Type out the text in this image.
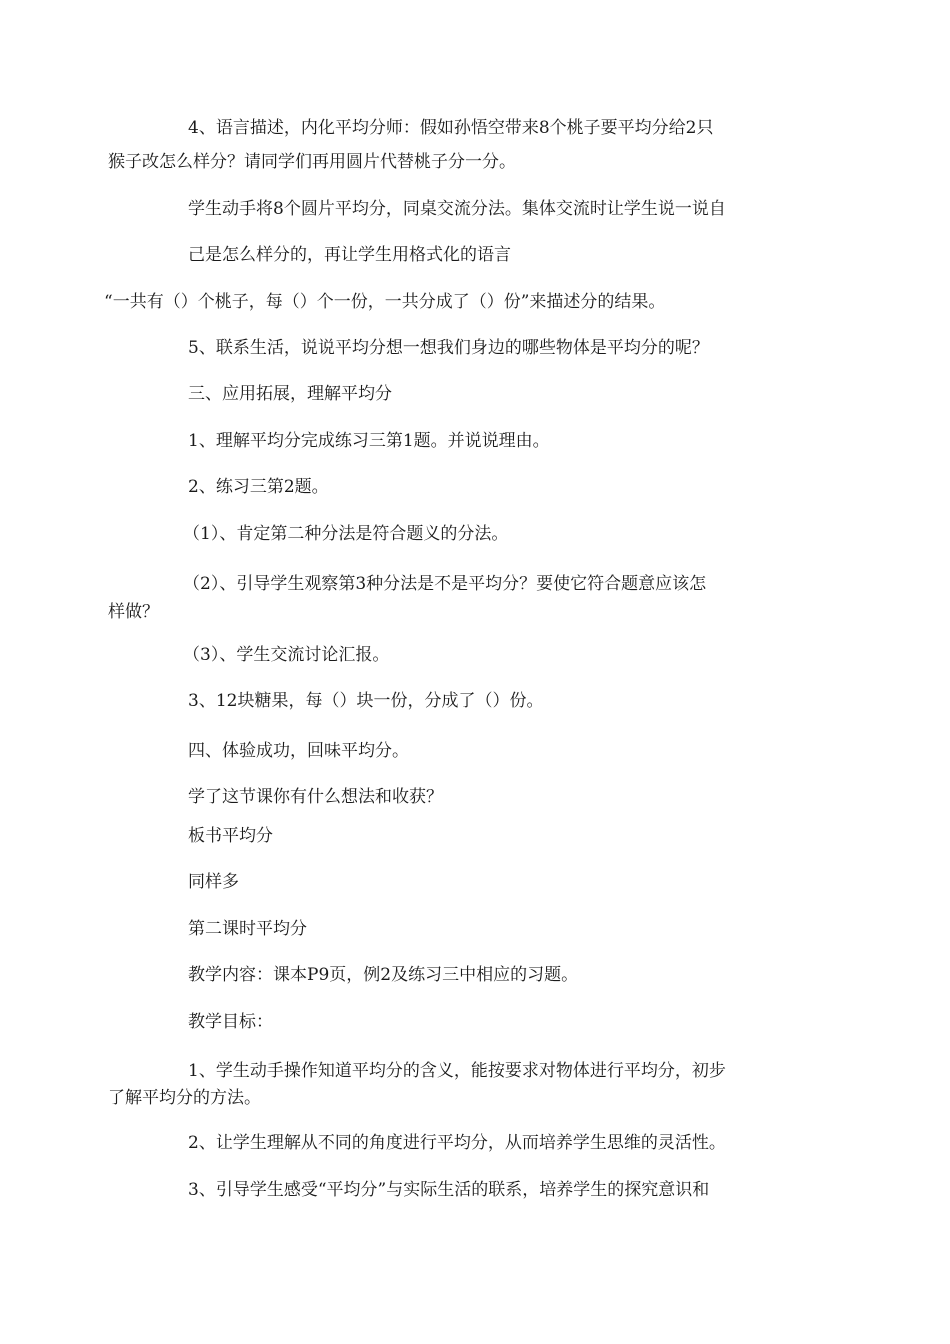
4、语言描述，内化平均分师：假如孙悟空带来8个桃子要平均分给2只
猴子改怎么样分？请同学们再用圆片代替桃子分一分。
学生动手将8个圆片平均分，同桌交流分法。集体交流时让学生说一说自
己是怎么样分的，再让学生用格式化的语言
“一共有（）个桃子，每（）个一份，一共分成了（）份”来描述分的结果。
5、联系生活，说说平均分想一想我们身边的哪些物体是平均分的呢？
三、应用拓展，理解平均分
1、理解平均分完成练习三第1题。并说说理由。
2、练习三第2题。
（1）、肯定第二种分法是符合题义的分法。
（2）、引导学生观察第3种分法是不是平均分？要使它符合题意应该怎
样做？
（3）、学生交流讨论汇报。
3、12块糖果，每（）块一份，分成了（）份。
四、体验成功，回味平均分。
学了这节课你有什么想法和收获？
板书平均分
同样多
第二课时平均分
教学内容：课本P9页，例2及练习三中相应的习题。
教学目标：
1、学生动手操作知道平均分的含义，能按要求对物体进行平均分，初步
了解平均分的方法。
2、让学生理解从不同的角度进行平均分，从而培养学生思维的灵活性。
3、引导学生感受“平均分”与实际生活的联系，培养学生的探究意识和
